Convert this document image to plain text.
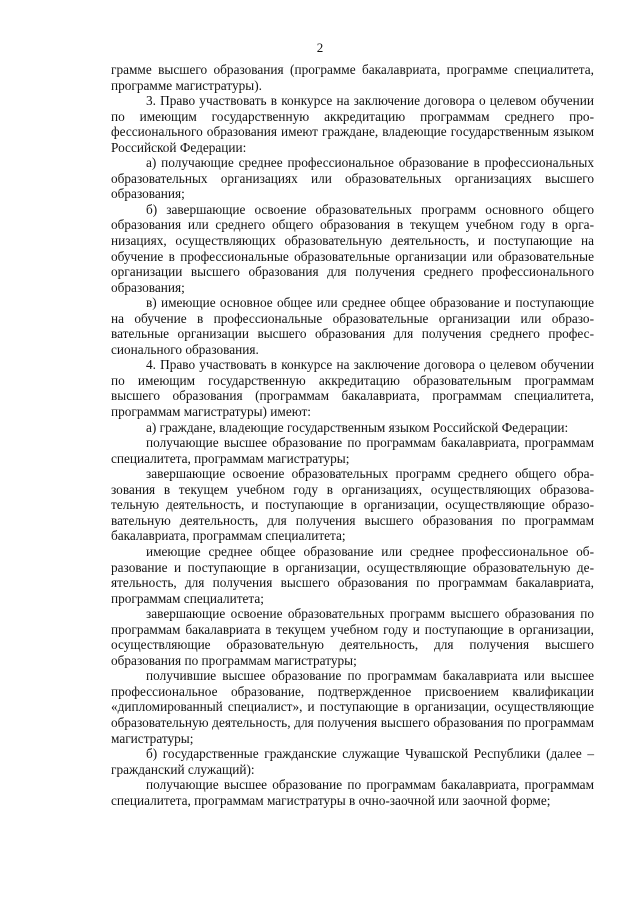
2

грамме высшего образования (программе бакалавриата, программе специалитета, программе магистратуры).

3. Право участвовать в конкурсе на заключение договора о целевом обучении по имеющим государственную аккредитацию программам среднего профессионального образования имеют граждане, владеющие государственным языком Российской Федерации:

а) получающие среднее профессиональное образование в профессиональных образовательных организациях или образовательных организациях высшего образования;

б) завершающие освоение образовательных программ основного общего образования или среднего общего образования в текущем учебном году в организациях, осуществляющих образовательную деятельность, и поступающие на обучение в профессиональные образовательные организации или образовательные организации высшего образования для получения среднего профессионального образования;

в) имеющие основное общее или среднее общее образование и поступающие на обучение в профессиональные образовательные организации или образовательные организации высшего образования для получения среднего профессионального образования.

4. Право участвовать в конкурсе на заключение договора о целевом обучении по имеющим государственную аккредитацию образовательным программам высшего образования (программам бакалавриата, программам специалитета, программам магистратуры) имеют:

а) граждане, владеющие государственным языком Российской Федерации:

получающие высшее образование по программам бакалавриата, программам специалитета, программам магистратуры;

завершающие освоение образовательных программ среднего общего образования в текущем учебном году в организациях, осуществляющих образовательную деятельность, и поступающие в организации, осуществляющие образовательную деятельность, для получения высшего образования по программам бакалавриата, программам специалитета;

имеющие среднее общее образование или среднее профессиональное образование и поступающие в организации, осуществляющие образовательную деятельность, для получения высшего образования по программам бакалавриата, программам специалитета;

завершающие освоение образовательных программ высшего образования по программам бакалавриата в текущем учебном году и поступающие в организации, осуществляющие образовательную деятельность, для получения высшего образования по программам магистратуры;

получившие высшее образование по программам бакалавриата или высшее профессиональное образование, подтвержденное присвоением квалификации «дипломированный специалист», и поступающие в организации, осуществляющие образовательную деятельность, для получения высшего образования по программам магистратуры;

б) государственные гражданские служащие Чувашской Республики (далее – гражданский служащий):

получающие высшее образование по программам бакалавриата, программам специалитета, программам магистратуры в очно-заочной или заочной форме;
